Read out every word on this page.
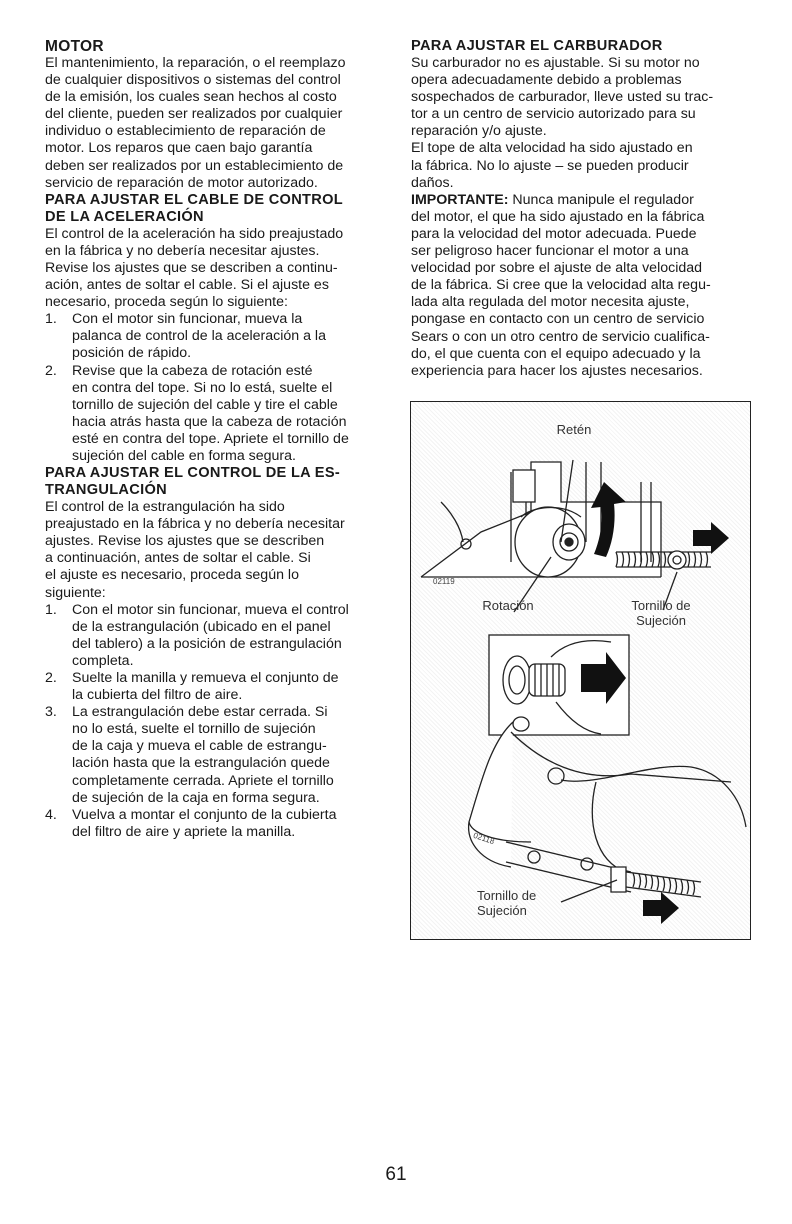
MOTOR

El mantenimiento, la reparación, o el reemplazo
de cualquier dispositivos o sistemas del control
de la emisión, los cuales sean hechos al costo
del cliente, pueden ser realizados por cualquier
individuo o establecimiento de reparación de
motor. Los reparos que caen bajo garantía
deben ser realizados por un establecimiento de
servicio de reparación de motor autorizado.

PARA AJUSTAR EL CABLE DE CONTROL
DE LA ACELERACIÓN

El control de la aceleración ha sido preajustado
en la fábrica y no debería necesitar ajustes.
Revise los ajustes que se describen a continu-
ación, antes de soltar el cable. Si el ajuste es
necesario, proceda según lo siguiente:

1. Con el motor sin funcionar, mueva la
palanca de control de la aceleración a la
posición de rápido.
2. Revise que la cabeza de rotación esté
en contra del tope. Si no lo está, suelte el
tornillo de sujeción del cable y tire el cable
hacia atrás hasta que la cabeza de rotación
esté en contra del tope. Apriete el tornillo de
sujeción del cable en forma segura.
PARA AJUSTAR EL CONTROL DE LA ES-
TRANGULACIÓN

El control de la estrangulación ha sido
preajustado en la fábrica y no debería necesitar
ajustes. Revise los ajustes que se describen
a continuación, antes de soltar el cable. Si
el ajuste es necesario, proceda según lo
siguiente:

1. Con el motor sin funcionar, mueva el control
de la estrangulación (ubicado en el panel
del tablero) a la posición de estrangulación
completa.
2. Suelte la manilla y remueva el conjunto de
la cubierta del filtro de aire.
3. La estrangulación debe estar cerrada. Si
no lo está, suelte el tornillo de sujeción
de la caja y mueva el cable de estrangu-
lación hasta que la estrangulación quede
completamente cerrada. Apriete el tornillo
de sujeción de la caja en forma segura.
4. Vuelva a montar el conjunto de la cubierta
del filtro de aire y apriete la manilla.
PARA AJUSTAR EL CARBURADOR

Su carburador no es ajustable. Si su motor no
opera adecuadamente debido a problemas
sospechados de carburador, lleve usted su trac-
tor a un centro de servicio autorizado para su
reparación y/o ajuste.
El tope de alta velocidad ha sido ajustado en
la fábrica. No lo ajuste – se pueden producir
daños.

IMPORTANTE: Nunca manipule el regulador
del motor, el que ha sido ajustado en la fábrica
para la velocidad del motor adecuada. Puede
ser peligroso hacer funcionar el motor a una
velocidad por sobre el ajuste de alta velocidad
de la fábrica. Si cree que la velocidad alta regu-
lada alta regulada del motor necesita ajuste,
pongase en contacto con un centro de servicio
Sears o con un otro centro de servicio cualifica-
do, el que cuenta con el equipo adecuado y la
experiencia para hacer los ajustes necesarios.

Retén
02119
Rotación	Tornillo de
Sujeción
02118
Tornillo de
Sujeción
61
